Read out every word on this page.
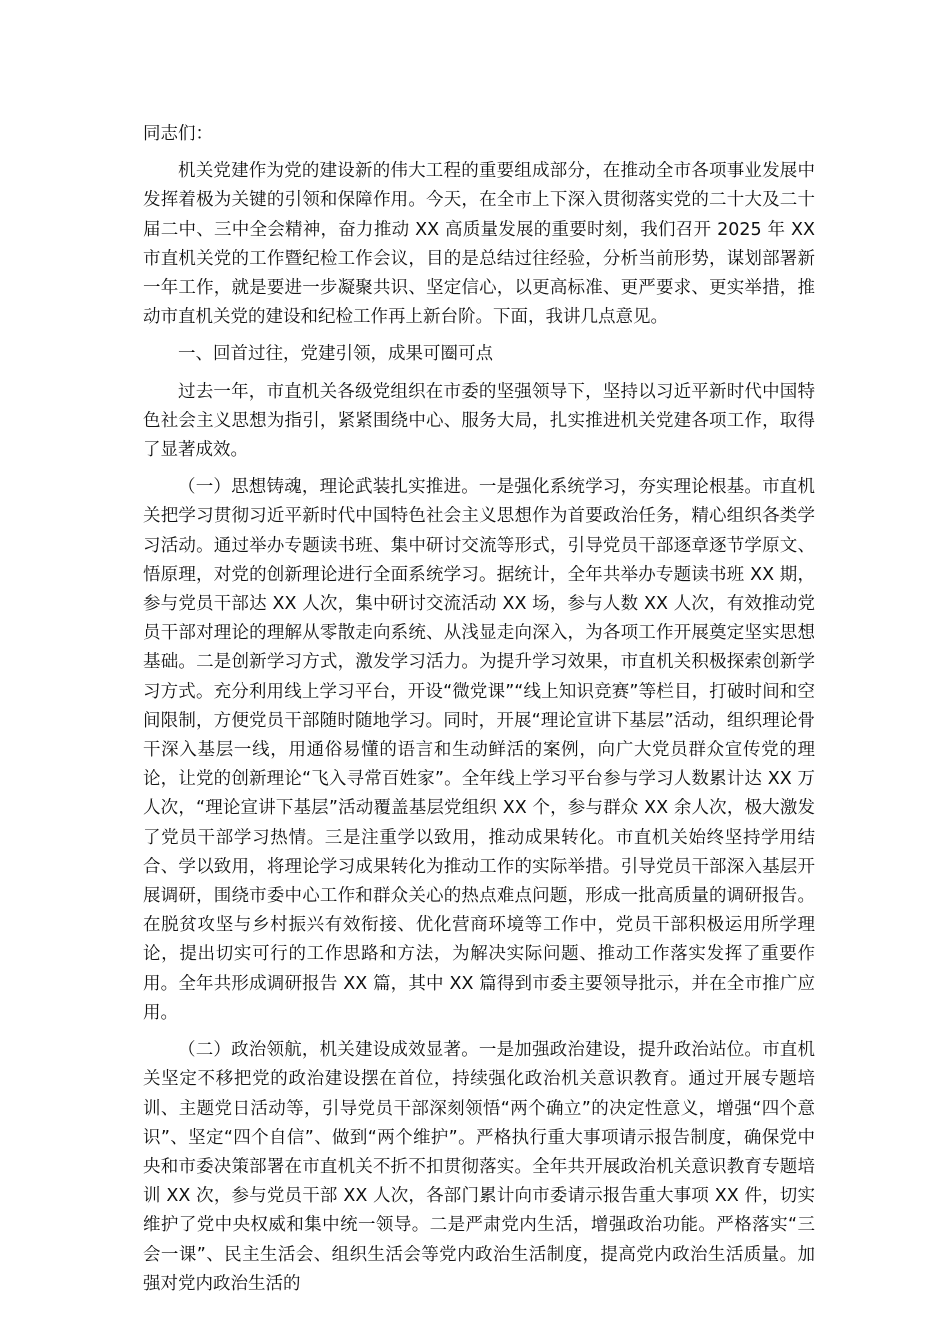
同志们：

机关党建作为党的建设新的伟大工程的重要组成部分，在推动全市各项事业发展中发挥着极为关键的引领和保障作用。今天，在全市上下深入贯彻落实党的二十大及二十届二中、三中全会精神，奋力推动 XX 高质量发展的重要时刻，我们召开 2025 年 XX 市直机关党的工作暨纪检工作会议，目的是总结过往经验，分析当前形势，谋划部署新一年工作，就是要进一步凝聚共识、坚定信心，以更高标准、更严要求、更实举措，推动市直机关党的建设和纪检工作再上新台阶。下面，我讲几点意见。

一、回首过往，党建引领，成果可圈可点

过去一年，市直机关各级党组织在市委的坚强领导下，坚持以习近平新时代中国特色社会主义思想为指引，紧紧围绕中心、服务大局，扎实推进机关党建各项工作，取得了显著成效。

（一）思想铸魂，理论武装扎实推进。一是强化系统学习，夯实理论根基。市直机关把学习贯彻习近平新时代中国特色社会主义思想作为首要政治任务，精心组织各类学习活动。通过举办专题读书班、集中研讨交流等形式，引导党员干部逐章逐节学原文、悟原理，对党的创新理论进行全面系统学习。据统计，全年共举办专题读书班 XX 期，参与党员干部达 XX 人次，集中研讨交流活动 XX 场，参与人数 XX 人次，有效推动党员干部对理论的理解从零散走向系统、从浅显走向深入，为各项工作开展奠定坚实思想基础。二是创新学习方式，激发学习活力。为提升学习效果，市直机关积极探索创新学习方式。充分利用线上学习平台，开设“微党课”“线上知识竞赛”等栏目，打破时间和空间限制，方便党员干部随时随地学习。同时，开展“理论宣讲下基层”活动，组织理论骨干深入基层一线，用通俗易懂的语言和生动鲜活的案例，向广大党员群众宣传党的理论，让党的创新理论“飞入寻常百姓家”。全年线上学习平台参与学习人数累计达 XX 万人次，“理论宣讲下基层”活动覆盖基层党组织 XX 个，参与群众 XX 余人次，极大激发了党员干部学习热情。三是注重学以致用，推动成果转化。市直机关始终坚持学用结合、学以致用，将理论学习成果转化为推动工作的实际举措。引导党员干部深入基层开展调研，围绕市委中心工作和群众关心的热点难点问题，形成一批高质量的调研报告。在脱贫攻坚与乡村振兴有效衔接、优化营商环境等工作中，党员干部积极运用所学理论，提出切实可行的工作思路和方法，为解决实际问题、推动工作落实发挥了重要作用。全年共形成调研报告 XX 篇，其中 XX 篇得到市委主要领导批示，并在全市推广应用。

（二）政治领航，机关建设成效显著。一是加强政治建设，提升政治站位。市直机关坚定不移把党的政治建设摆在首位，持续强化政治机关意识教育。通过开展专题培训、主题党日活动等，引导党员干部深刻领悟“两个确立”的决定性意义，增强“四个意识”、坚定“四个自信”、做到“两个维护”。严格执行重大事项请示报告制度，确保党中央和市委决策部署在市直机关不折不扣贯彻落实。全年共开展政治机关意识教育专题培训 XX 次，参与党员干部 XX 人次，各部门累计向市委请示报告重大事项 XX 件，切实维护了党中央权威和集中统一领导。二是严肃党内生活，增强政治功能。严格落实“三会一课”、民主生活会、组织生活会等党内政治生活制度，提高党内政治生活质量。加强对党内政治生活的
